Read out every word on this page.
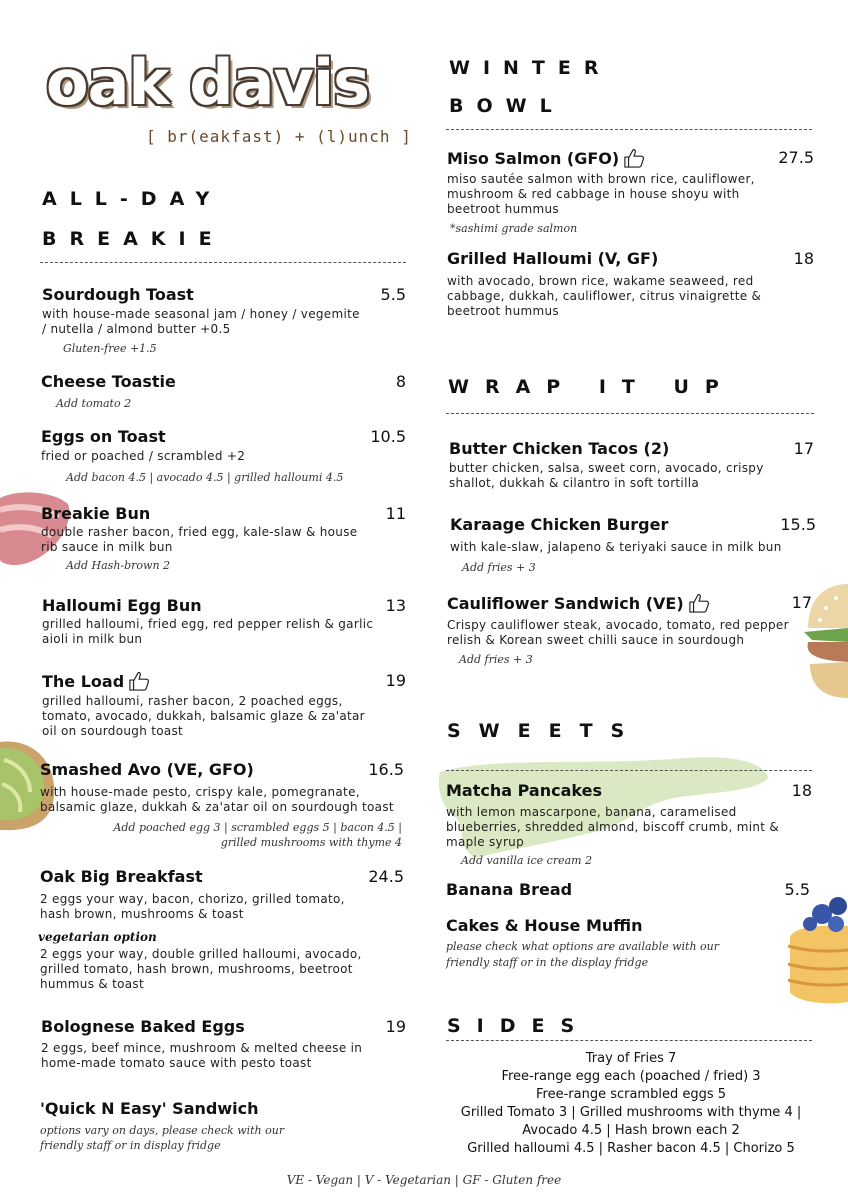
oak davis
[ br(eakfast) + (l)unch ]
ALL-DAY
BREAKIE
Sourdough Toast	5.5
with house-made seasonal jam / honey / vegemite
/ nutella / almond butter +0.5
Gluten-free +1.5
Cheese Toastie	8
Add tomato 2
Eggs on Toast	10.5
fried or poached / scrambled +2
Add bacon 4.5 | avocado 4.5 | grilled halloumi 4.5
Breakie Bun	11
double rasher bacon, fried egg, kale-slaw & house
rib sauce in milk bun
Add Hash-brown 2
Halloumi Egg Bun	13
grilled halloumi, fried egg, red pepper relish & garlic
aioli in milk bun
The Load	19
grilled halloumi, rasher bacon, 2 poached eggs,
tomato, avocado, dukkah, balsamic glaze & za'atar
oil on sourdough toast
Smashed Avo (VE, GFO)	16.5
with house-made pesto, crispy kale, pomegranate,
balsamic glaze, dukkah & za'atar oil on sourdough toast
Add poached egg 3 | scrambled eggs 5 | bacon 4.5 |
grilled mushrooms with thyme 4
Oak Big Breakfast	24.5
2 eggs your way, bacon, chorizo, grilled tomato,
hash brown, mushrooms & toast
vegetarian option
2 eggs your way, double grilled halloumi, avocado,
grilled tomato, hash brown, mushrooms, beetroot
hummus & toast
Bolognese Baked Eggs	19
2 eggs, beef mince, mushroom & melted cheese in
home-made tomato sauce with pesto toast
'Quick N Easy' Sandwich
options vary on days, please check with our
friendly staff or in display fridge
WINTER
BOWL
Miso Salmon (GFO)	27.5
miso sautée salmon with brown rice, cauliflower,
mushroom & red cabbage in house shoyu with
beetroot hummus
*sashimi grade salmon
Grilled Halloumi (V, GF)	18
with avocado, brown rice, wakame seaweed, red
cabbage, dukkah, cauliflower, citrus vinaigrette &
beetroot hummus
WRAP IT UP
Butter Chicken Tacos (2)	17
butter chicken, salsa, sweet corn, avocado, crispy
shallot, dukkah & cilantro in soft tortilla
Karaage Chicken Burger	15.5
with kale-slaw, jalapeno & teriyaki sauce in milk bun
Add fries + 3
Cauliflower Sandwich (VE)	17
Crispy cauliflower steak, avocado, tomato, red pepper
relish & Korean sweet chilli sauce in sourdough
Add fries + 3
SWEETS
Matcha Pancakes	18
with lemon mascarpone, banana, caramelised
blueberries, shredded almond, biscoff crumb, mint &
maple syrup
Add vanilla ice cream 2
Banana Bread	5.5
Cakes & House Muffin
please check what options are available with our
friendly staff or in the display fridge
SIDES
Tray of Fries 7
Free-range egg each (poached / fried) 3
Free-range scrambled eggs 5
Grilled Tomato 3 | Grilled mushrooms with thyme 4 |
Avocado 4.5 | Hash brown each 2
Grilled halloumi 4.5 | Rasher bacon 4.5 | Chorizo 5
VE - Vegan | V - Vegetarian | GF - Gluten free
